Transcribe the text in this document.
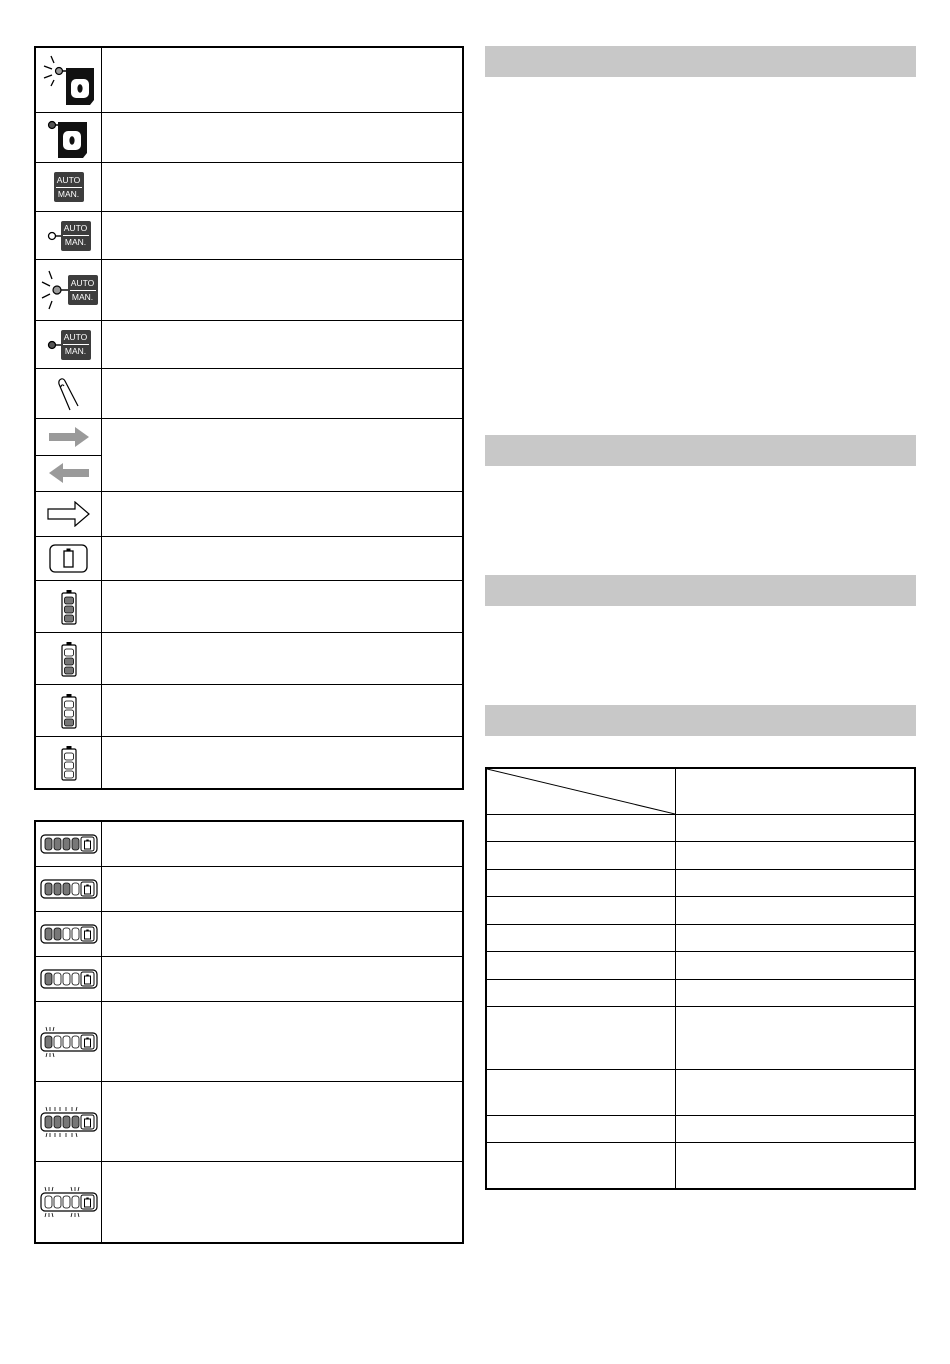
AUTO
MAN.
AUTO
MAN.
AUTO
MAN.
AUTO
MAN.
